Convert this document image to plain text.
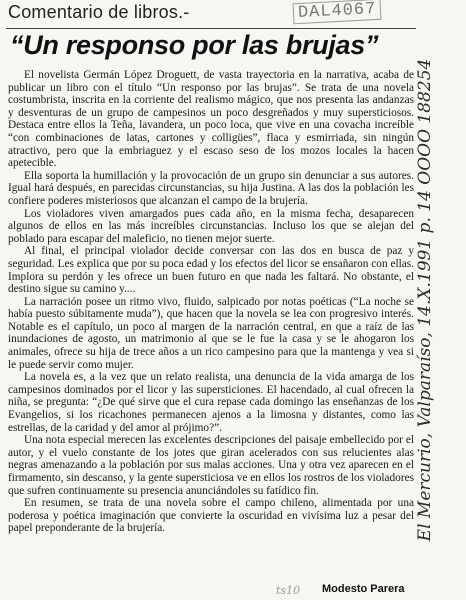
Comentario de libros.-
“Un responso por las brujas”

El novelista Germán López Droguett, de vasta trayectoria en la narrativa, acaba de publicar un libro con el título “Un responso por las brujas”. Se trata de una novela costumbrista, inscrita en la corriente del realismo mágico, que nos presenta las andanzas y desventuras de un grupo de campesinos un poco desgreñados y muy supersticiosos. Destaca entre ellos la Teña, lavandera, un poco loca, que vive en una covacha increíble “con combinaciones de latas, cartones y colligües”, flaca y esmirriada, sin ningún atractivo, pero que la embriaguez y el escaso seso de los mozos locales la hacen apetecible.

Ella soporta la humillación y la provocación de un grupo sin denunciar a sus autores. Igual hará después, en parecidas circunstancias, su hija Justina. A las dos la población les confiere poderes misteriosos que alcanzan el campo de la brujería.

Los violadores viven amargados pues cada año, en la misma fecha, desaparecen algunos de ellos en las más increíbles circunstancias. Incluso los que se alejan del poblado para escapar del maleficio, no tienen mejor suerte.

Al final, el principal violador decide conversar con las dos en busca de paz y seguridad. Les explica que por su poca edad y los efectos del licor se ensañaron con ellas. Implora su perdón y les ofrece un buen futuro en que nada les faltará. No obstante, el destino sigue su camino y....

La narración posee un ritmo vivo, fluido, salpicado por notas poéticas (“La noche se había puesto súbitamente muda”), que hacen que la novela se lea con progresivo interés. Notable es el capítulo, un poco al margen de la narración central, en que a raíz de las inundaciones de agosto, un matrimonio al que se le fue la casa y se le ahogaron los animales, ofrece su hija de trece años a un rico campesino para que la mantenga y vea si le puede servir como mujer.

La novela es, a la vez que un relato realista, una denuncia de la vida amarga de los campesinos dominados por el licor y las supersticiones. El hacendado, al cual ofrecen la niña, se pregunta: “¿De qué sirve que el cura repase cada domingo las enseñanzas de los Evangelios, si los ricachones permanecen ajenos a la limosna y distantes, como las estrellas, de la caridad y del amor al prójimo?”.

Una nota especial merecen las excelentes descripciones del paisaje embellecido por el autor, y el vuelo constante de los jotes que giran acelerados con sus relucientes alas negras amenazando a la población por sus malas acciones. Una y otra vez aparecen en el firmamento, sin descanso, y la gente supersticiosa ve en ellos los rostros de los violadores que sufren continuamente su presencia anunciándoles su fatídico fin.

En resumen, se trata de una novela sobre el campo chileno, alimentada por una poderosa y poética imaginación que convierte la oscuridad en vivísima luz a pesar del papel preponderante de la brujería.

Modesto Parera
DAL4067
El Mercurio, Valparaíso, 14.X.1991 p. 14 ОООО 188254
ts10
